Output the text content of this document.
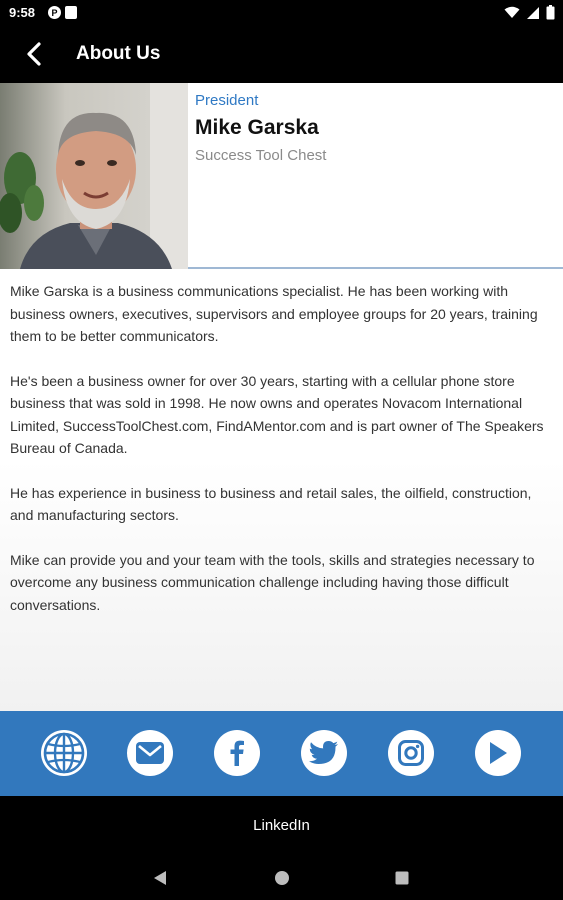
9:58	P
About Us
President
Mike Garska
Success Tool Chest

Mike Garska is a business communications specialist. He has been working with business owners, executives, supervisors and employee groups for 20 years, training them to be better communicators.

He's been a business owner for over 30 years, starting with a cellular phone store business that was sold in 1998. He now owns and operates Novacom International Limited, SuccessToolChest.com, FindAMentor.com and is part owner of The Speakers Bureau of Canada.

He has experience in business to business and retail sales, the oilfield, construction, and manufacturing sectors.

Mike can provide you and your team with the tools, skills and strategies necessary to overcome any business communication challenge including having those difficult conversations.

LinkedIn
